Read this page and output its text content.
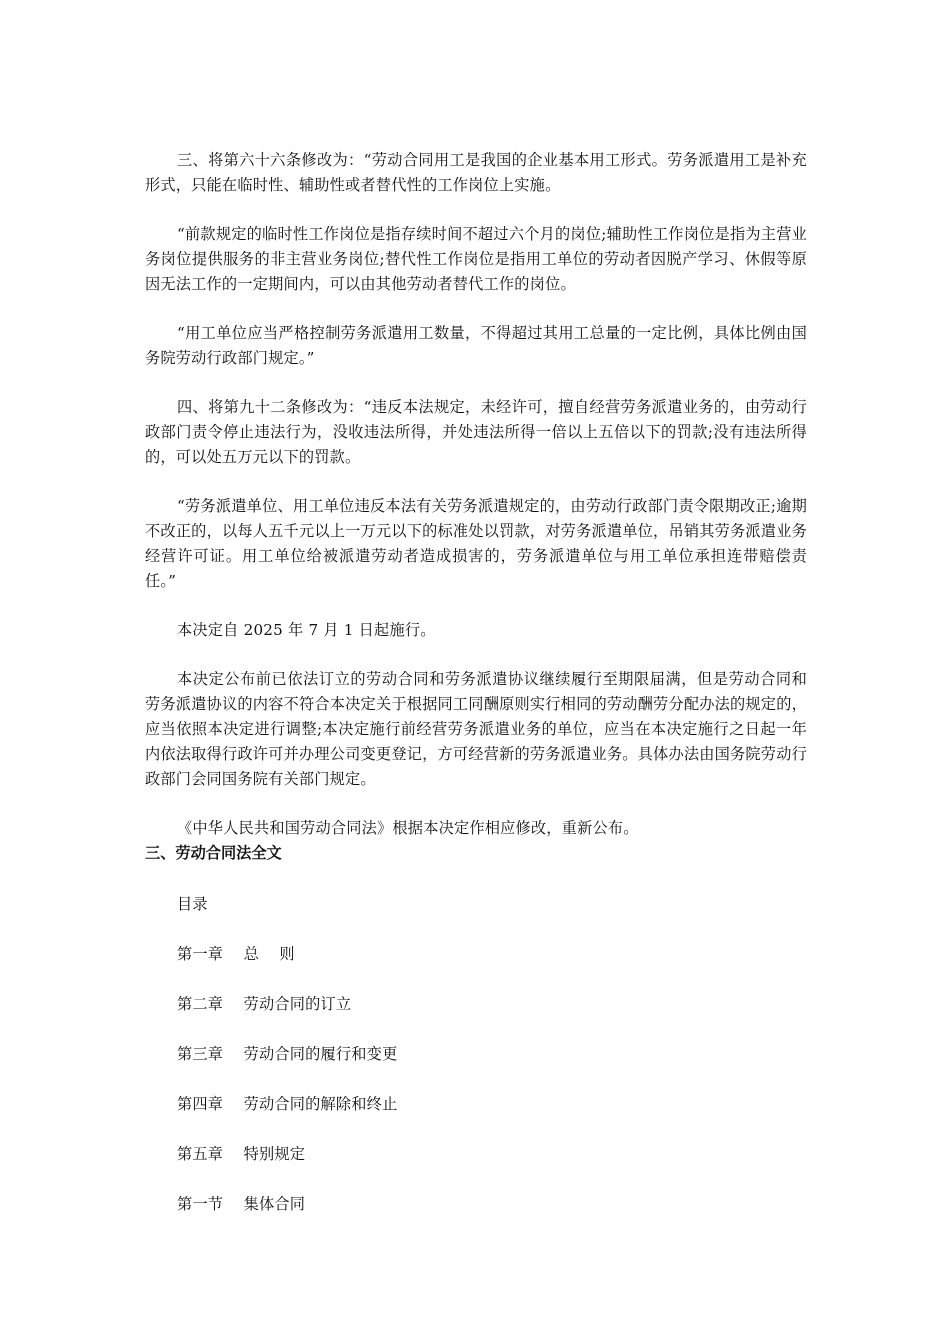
三、将第六十六条修改为：“劳动合同用工是我国的企业基本用工形式。劳务派遣用工是补充形式，只能在临时性、辅助性或者替代性的工作岗位上实施。

“前款规定的临时性工作岗位是指存续时间不超过六个月的岗位;辅助性工作岗位是指为主营业务岗位提供服务的非主营业务岗位;替代性工作岗位是指用工单位的劳动者因脱产学习、休假等原因无法工作的一定期间内，可以由其他劳动者替代工作的岗位。

“用工单位应当严格控制劳务派遣用工数量，不得超过其用工总量的一定比例，具体比例由国务院劳动行政部门规定。”

四、将第九十二条修改为：“违反本法规定，未经许可，擅自经营劳务派遣业务的，由劳动行政部门责令停止违法行为，没收违法所得，并处违法所得一倍以上五倍以下的罚款;没有违法所得的，可以处五万元以下的罚款。

“劳务派遣单位、用工单位违反本法有关劳务派遣规定的，由劳动行政部门责令限期改正;逾期不改正的，以每人五千元以上一万元以下的标准处以罚款，对劳务派遣单位，吊销其劳务派遣业务经营许可证。用工单位给被派遣劳动者造成损害的，劳务派遣单位与用工单位承担连带赔偿责任。”

本决定自 2025 年 7 月 1 日起施行。

本决定公布前已依法订立的劳动合同和劳务派遣协议继续履行至期限届满，但是劳动合同和劳务派遣协议的内容不符合本决定关于根据同工同酬原则实行相同的劳动酬劳分配办法的规定的，应当依照本决定进行调整;本决定施行前经营劳务派遣业务的单位，应当在本决定施行之日起一年内依法取得行政许可并办理公司变更登记，方可经营新的劳务派遣业务。具体办法由国务院劳动行政部门会同国务院有关部门规定。

《中华人民共和国劳动合同法》根据本决定作相应修改，重新公布。

三、劳动合同法全文
目录
第一章　 总　 则
第二章　 劳动合同的订立
第三章　 劳动合同的履行和变更
第四章　 劳动合同的解除和终止
第五章　 特别规定
第一节　 集体合同
